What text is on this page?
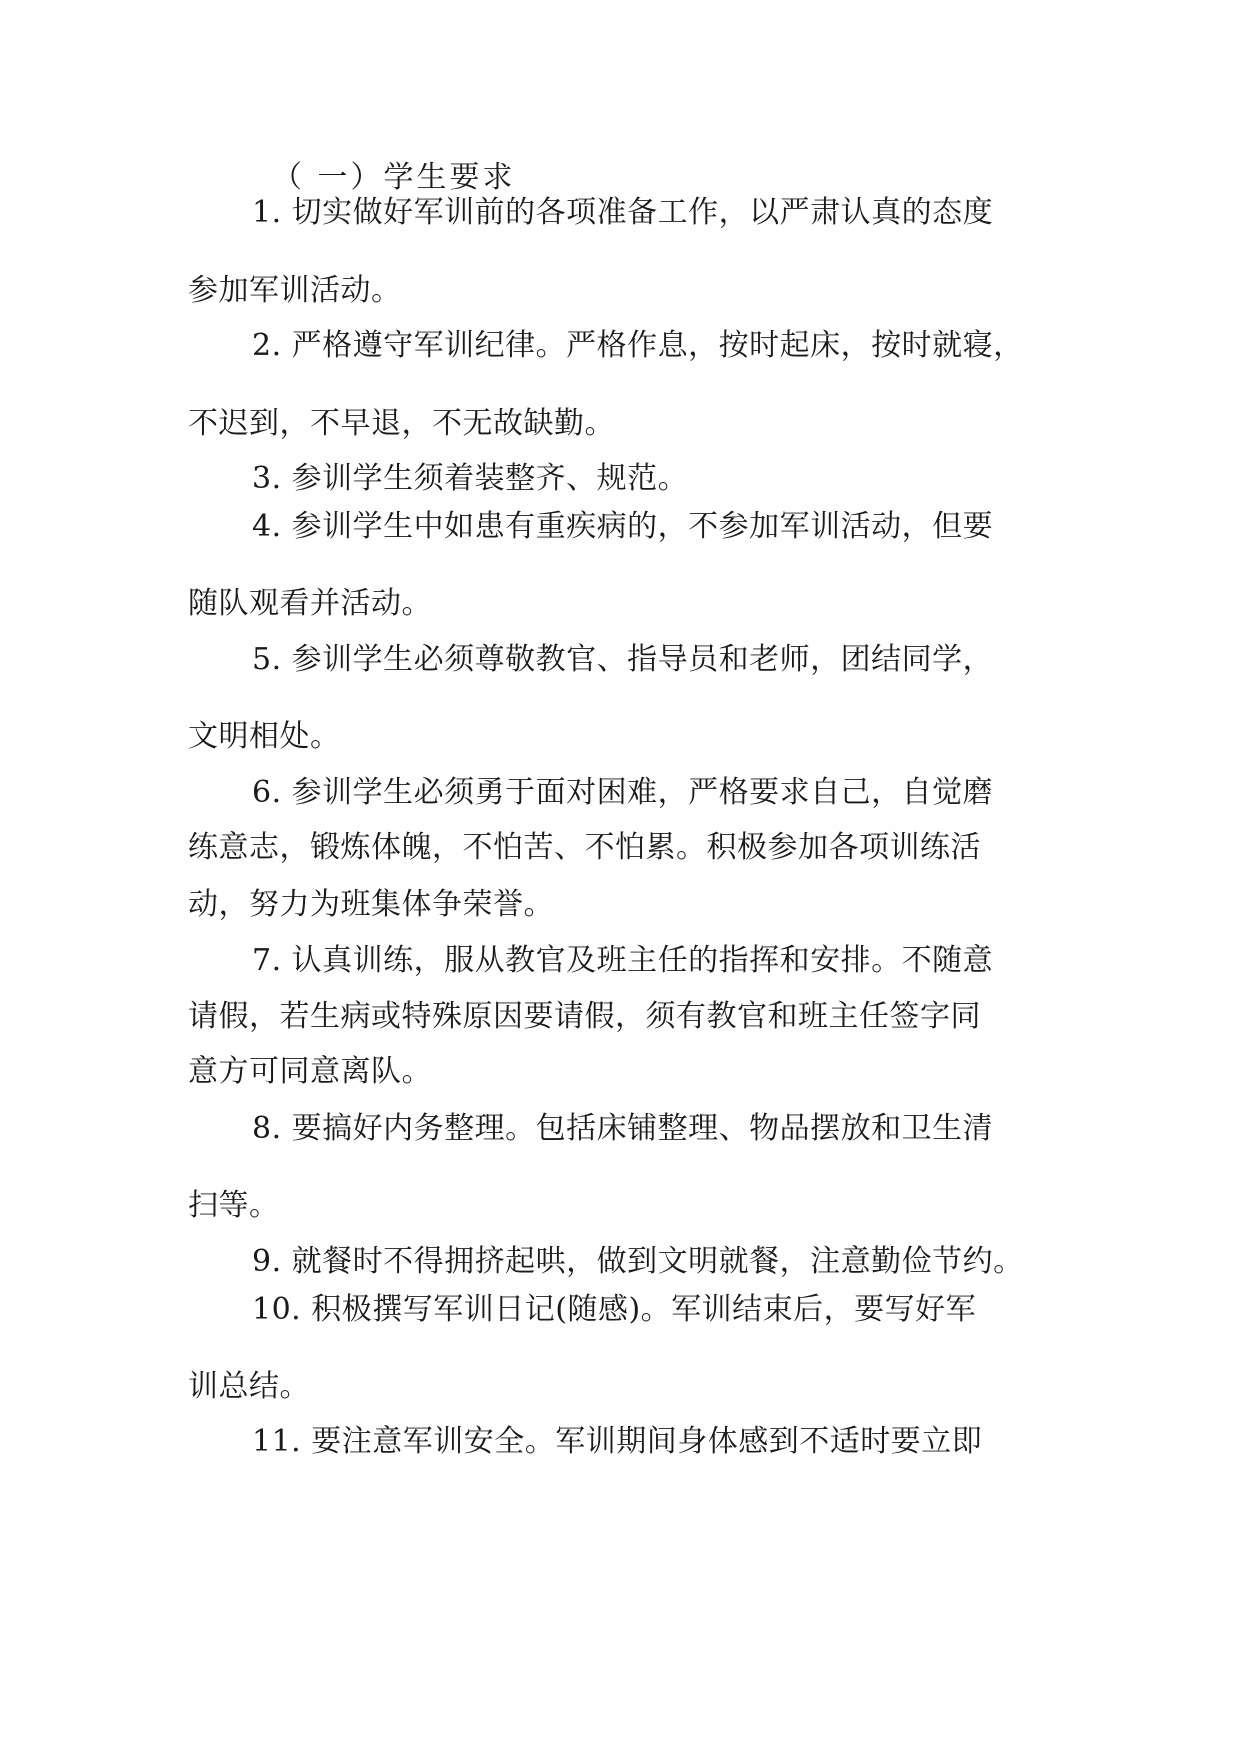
（ 一）学生要求
1. 切实做好军训前的各项准备工作，以严肃认真的态度
参加军训活动。
2. 严格遵守军训纪律。严格作息，按时起床，按时就寝，
不迟到，不早退，不无故缺勤。
3. 参训学生须着装整齐、规范。
4. 参训学生中如患有重疾病的，不参加军训活动，但要
随队观看并活动。
5. 参训学生必须尊敬教官、指导员和老师，团结同学，
文明相处。
6. 参训学生必须勇于面对困难，严格要求自己，自觉磨
练意志，锻炼体魄，不怕苦、不怕累。积极参加各项训练活
动，努力为班集体争荣誉。
7. 认真训练，服从教官及班主任的指挥和安排。不随意
请假，若生病或特殊原因要请假，须有教官和班主任签字同
意方可同意离队。
8. 要搞好内务整理。包括床铺整理、物品摆放和卫生清
扫等。
9. 就餐时不得拥挤起哄，做到文明就餐，注意勤俭节约。
10. 积极撰写军训日记(随感)。军训结束后，要写好军
训总结。
11. 要注意军训安全。军训期间身体感到不适时要立即
